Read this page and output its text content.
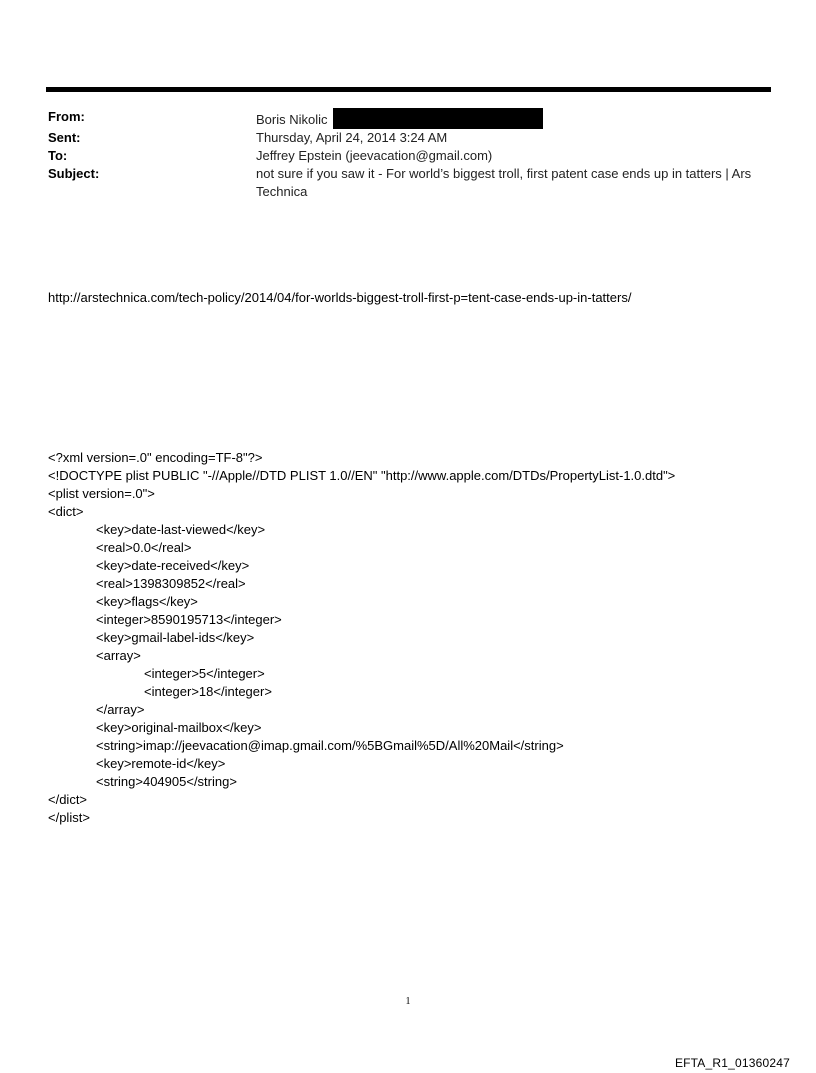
From:	Boris Nikolic
Sent:	Thursday, April 24, 2014 3:24 AM
To:	Jeffrey Epstein (jeevacation@gmail.com)
Subject:	not sure if you saw it - For world’s biggest troll, first patent case ends up in tatters | Ars Technica
http://arstechnica.com/tech-policy/2014/04/for-worlds-biggest-troll-first-p=tent-case-ends-up-in-tatters/
<?xml version=.0" encoding=TF-8"?>
<!DOCTYPE plist PUBLIC "-//Apple//DTD PLIST 1.0//EN" "http://www.apple.com/DTDs/PropertyList-1.0.dtd">
<plist version=.0">
<dict>
<key>date-last-viewed</key>
<real>0.0</real>
<key>date-received</key>
<real>1398309852</real>
<key>flags</key>
<integer>8590195713</integer>
<key>gmail-label-ids</key>
<array>
<integer>5</integer>
<integer>18</integer>
</array>
<key>original-mailbox</key>
<string>imap://jeevacation@imap.gmail.com/%5BGmail%5D/All%20Mail</string>
<key>remote-id</key>
<string>404905</string>
</dict>
</plist>
1
EFTA_R1_01360247
